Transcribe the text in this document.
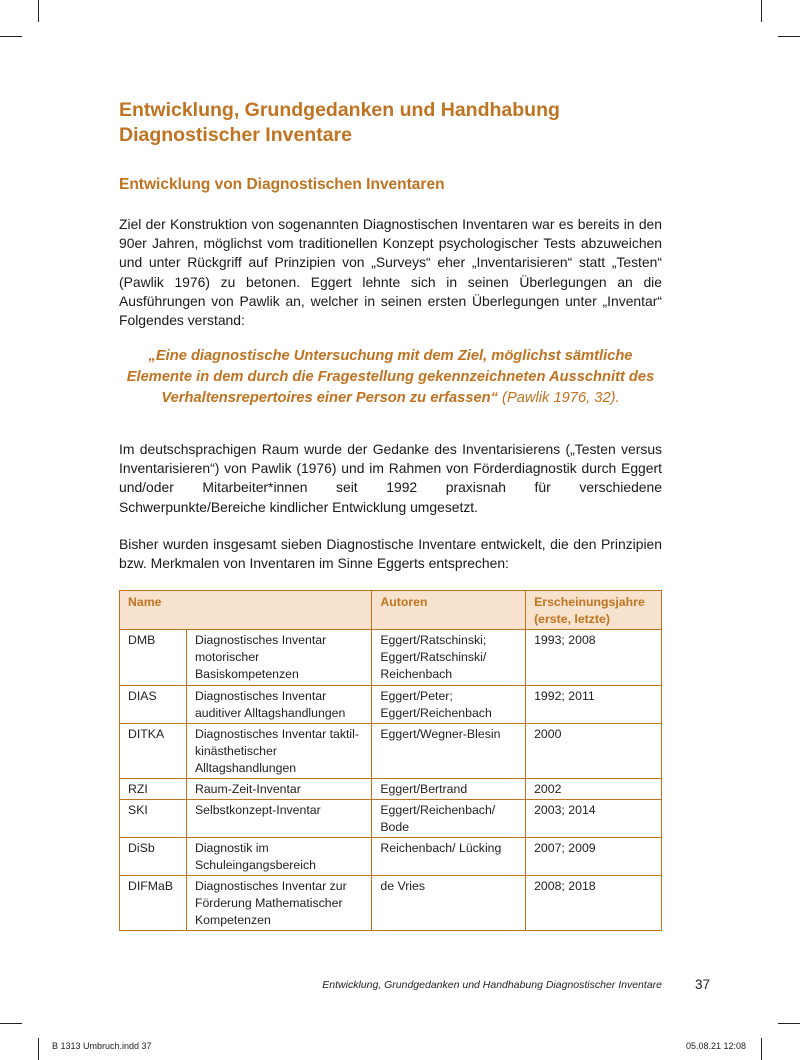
Entwicklung, Grundgedanken und Handhabung
Diagnostischer Inventare
Entwicklung von Diagnostischen Inventaren

Ziel der Konstruktion von sogenannten Diagnostischen Inventaren war es bereits in den 90er Jahren, möglichst vom traditionellen Konzept psychologischer Tests abzuweichen und unter Rückgriff auf Prinzipien von „Surveys“ eher „Inventarisieren“ statt „Testen“ (Pawlik 1976) zu betonen. Eggert lehnte sich in seinen Überlegungen an die Ausführungen von Pawlik an, welcher in seinen ersten Überlegungen unter „Inventar“ Folgendes verstand:

„Eine diagnostische Untersuchung mit dem Ziel, möglichst sämtliche Elemente in dem durch die Fragestellung gekennzeichneten Ausschnitt des Verhaltensrepertoires einer Person zu erfassen“ (Pawlik 1976, 32).

Im deutschsprachigen Raum wurde der Gedanke des Inventarisierens („Testen versus Inventarisieren“) von Pawlik (1976) und im Rahmen von Förderdiagnostik durch Eggert und/oder Mitarbeiter*innen seit 1992 praxisnah für verschiedene Schwerpunkte/Bereiche kindlicher Entwicklung umgesetzt.

Bisher wurden insgesamt sieben Diagnostische Inventare entwickelt, die den Prinzipien bzw. Merkmalen von Inventaren im Sinne Eggerts entsprechen:

Name		Autoren	Erscheinungsjahre (erste, letzte)
DMB	Diagnostisches Inventar motorischer Basiskompetenzen	Eggert/Ratschinski; Eggert/Ratschinski/ Reichenbach	1993; 2008
DIAS	Diagnostisches Inventar auditiver Alltagshandlungen	Eggert/Peter; Eggert/Reichenbach	1992; 2011
DITKA	Diagnostisches Inventar taktil-kinästhetischer Alltagshandlungen	Eggert/Wegner-Blesin	2000
RZI	Raum-Zeit-Inventar	Eggert/Bertrand	2002
SKI	Selbstkonzept-Inventar	Eggert/Reichenbach/ Bode	2003; 2014
DiSb	Diagnostik im Schuleingangsbereich	Reichenbach/ Lücking	2007; 2009
DIFMaB	Diagnostisches Inventar zur Förderung Mathematischer Kompetenzen	de Vries	2008; 2018
Entwicklung, Grundgedanken und Handhabung Diagnostischer Inventare 37
B 1313 Umbruch.indd 37	05.08.21 12:08
